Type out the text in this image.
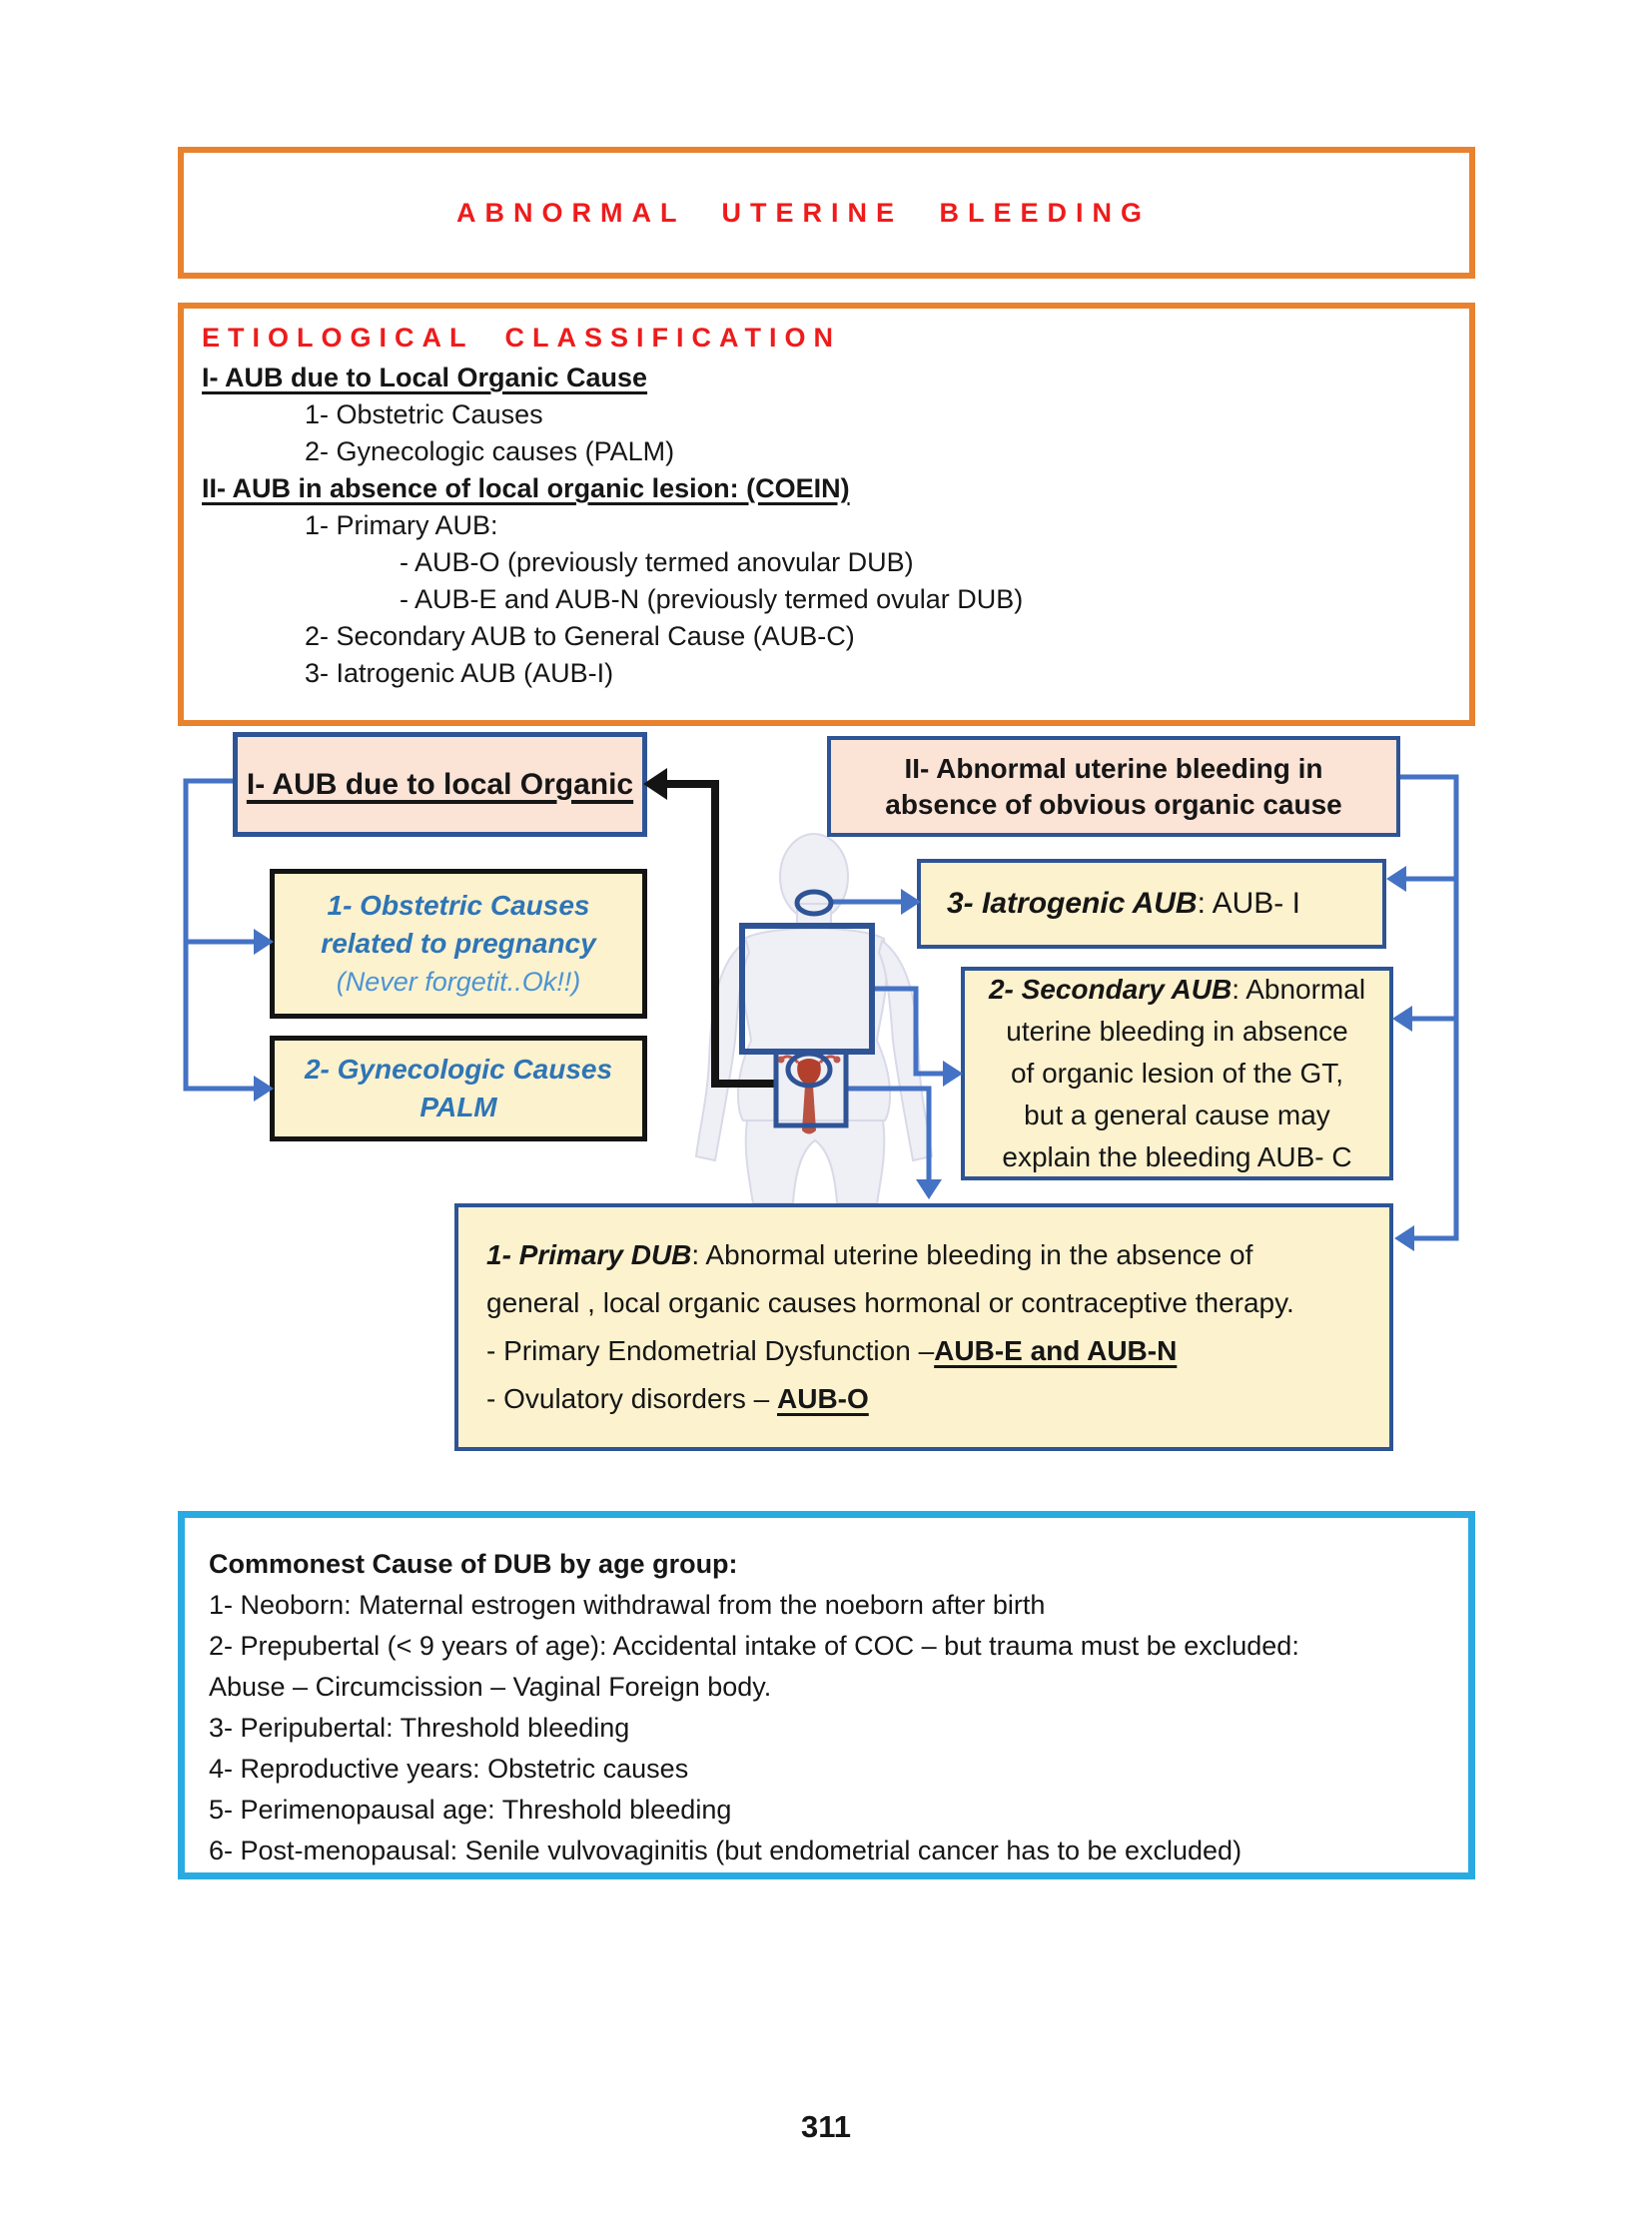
ABNORMAL UTERINE BLEEDING
ETIOLOGICAL CLASSIFICATION
I- AUB due to Local Organic Cause
1- Obstetric Causes
2- Gynecologic causes (PALM)
II- AUB in absence of local organic lesion: (COEIN)
1- Primary AUB:
- AUB-O (previously termed anovular DUB)
- AUB-E and AUB-N (previously termed ovular DUB)
2- Secondary AUB to General Cause (AUB-C)
3- Iatrogenic AUB (AUB-I)
I- AUB due to local Organic	II- Abnormal uterine bleeding in
absence of obvious organic cause
1- Obstetric Causes
related to pregnancy
(Never forgetit..Ok!!)
2- Gynecologic Causes
PALM
3- Iatrogenic AUB: AUB- I
2- Secondary AUB: Abnormal
uterine bleeding in absence
of organic lesion of the GT,
but a general cause may
explain the bleeding AUB- C
1- Primary DUB: Abnormal uterine bleeding in the absence of
general , local organic causes hormonal or contraceptive therapy.
- Primary Endometrial Dysfunction –AUB-E and AUB-N
- Ovulatory disorders – AUB-O
Commonest Cause of DUB by age group:
1- Neoborn: Maternal estrogen withdrawal from the noeborn after birth
2- Prepubertal (< 9 years of age): Accidental intake of COC – but trauma must be excluded:
Abuse – Circumcission – Vaginal Foreign body.
3- Peripubertal: Threshold bleeding
4- Reproductive years: Obstetric causes
5- Perimenopausal age: Threshold bleeding
6- Post-menopausal: Senile vulvovaginitis (but endometrial cancer has to be excluded)
311
